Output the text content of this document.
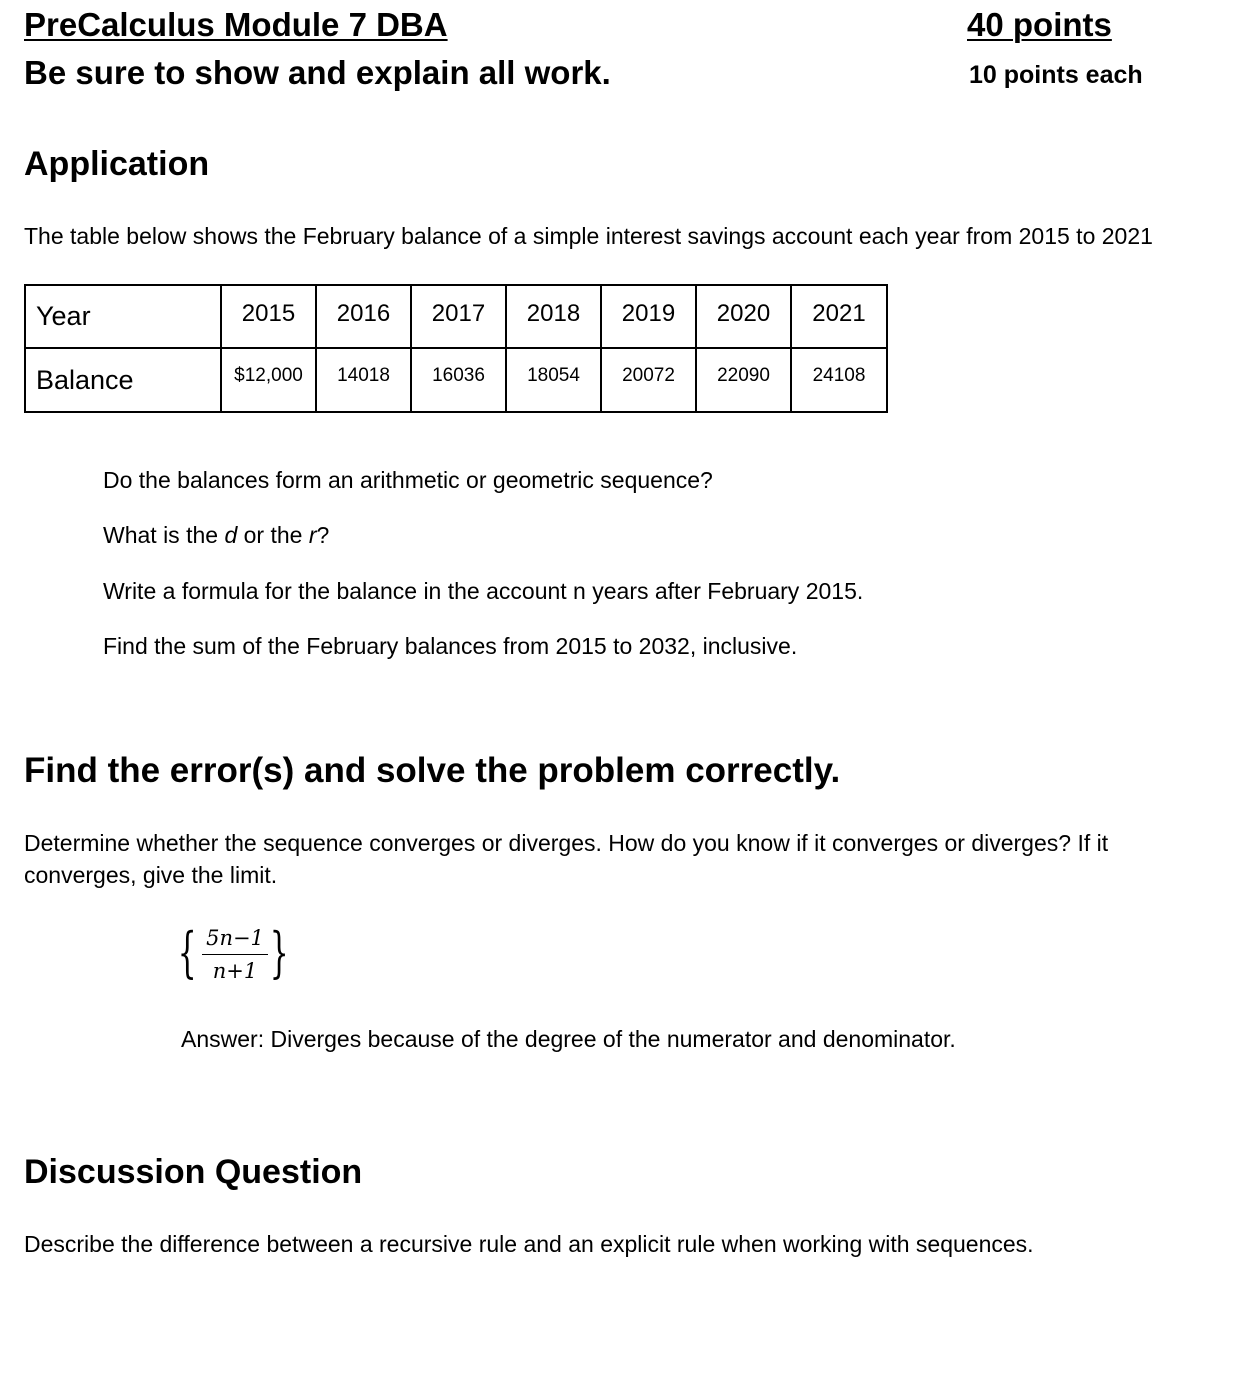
PreCalculus Module 7 DBA
Be sure to show and explain all work.
40 points
10 points each
Application
The table below shows the February balance of a simple interest savings account each year from 2015 to 2021
Year	2015	2016	2017	2018	2019	2020	2021
Balance	$12,000	14018	16036	18054	20072	22090	24108
Do the balances form an arithmetic or geometric sequence?
What is the d or the r?
Write a formula for the balance in the account n years after February 2015.
Find the sum of the February balances from 2015 to 2032, inclusive.
Find the error(s) and solve the problem correctly.
Determine whether the sequence converges or diverges. How do you know if it converges or diverges? If it converges, give the limit.
{ 5n−1
n+1 }
Answer: Diverges because of the degree of the numerator and denominator.
Discussion Question
Describe the difference between a recursive rule and an explicit rule when working with sequences.
